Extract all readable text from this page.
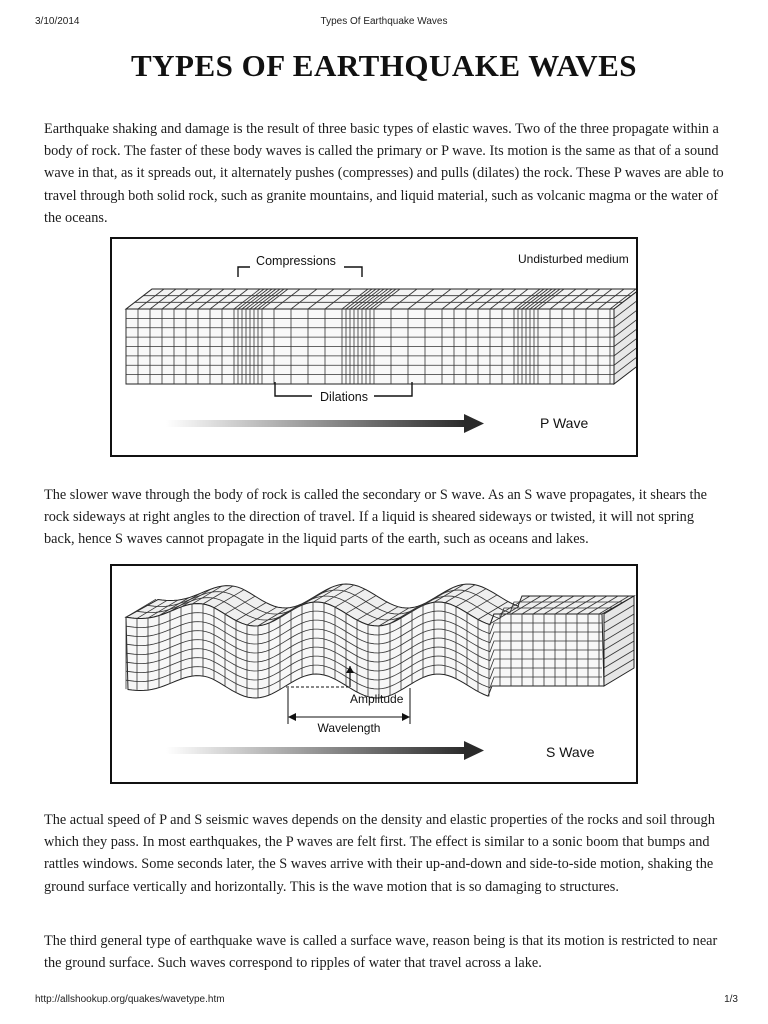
3/10/2014	Types Of Earthquake Waves
TYPES OF EARTHQUAKE WAVES

Earthquake shaking and damage is the result of three basic types of elastic waves. Two of the three propagate within a body of rock. The faster of these body waves is called the primary or P wave. Its motion is the same as that of a sound wave in that, as it spreads out, it alternately pushes (compresses) and pulls (dilates) the rock. These P waves are able to travel through both solid rock, such as granite mountains, and liquid material, such as volcanic magma or the water of the oceans.

Compressions	Undisturbed medium
Dilations
P Wave

The slower wave through the body of rock is called the secondary or S wave. As an S wave propagates, it shears the rock sideways at right angles to the direction of travel. If a liquid is sheared sideways or twisted, it will not spring back, hence S waves cannot propagate in the liquid parts of the earth, such as oceans and lakes.

Amplitude
Wavelength
S Wave

The actual speed of P and S seismic waves depends on the density and elastic properties of the rocks and soil through which they pass. In most earthquakes, the P waves are felt first. The effect is similar to a sonic boom that bumps and rattles windows. Some seconds later, the S waves arrive with their up-and-down and side-to-side motion, shaking the ground surface vertically and horizontally. This is the wave motion that is so damaging to structures.

The third general type of earthquake wave is called a surface wave, reason being is that its motion is restricted to near the ground surface. Such waves correspond to ripples of water that travel across a lake.

http://allshookup.org/quakes/wavetype.htm	1/3
